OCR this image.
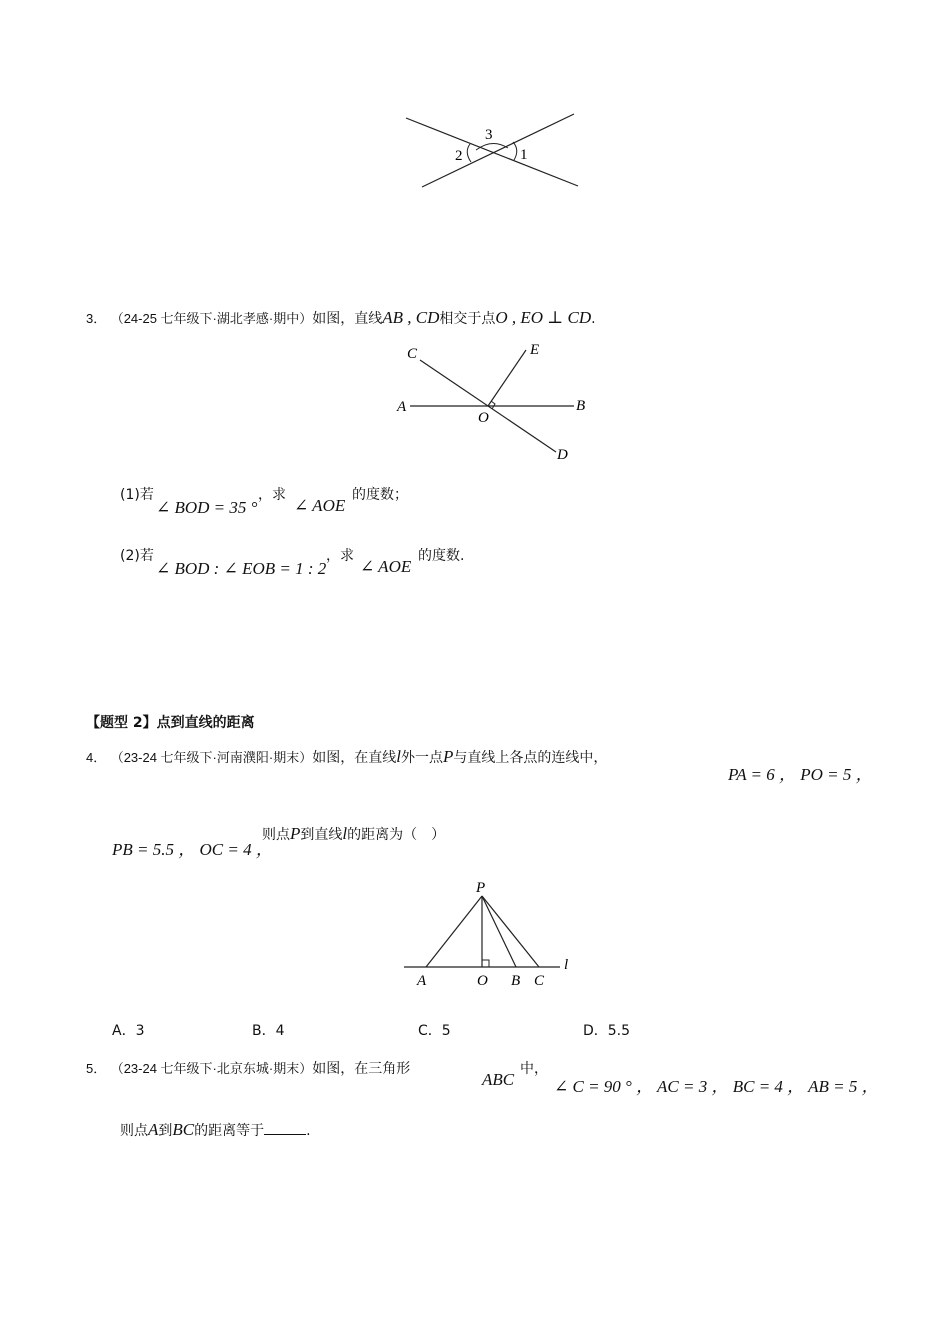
1
2
3
3． （24-25 七年级下·湖北孝感·期中）如图，直线AB , CD相交于点O , EO ⊥ CD.
C	E
A
O
B
D
(1)若
∠ BOD = 35 °
，求
∠ AOE
的度数；
(2)若
∠ BOD : ∠ EOB = 1 : 2
，求
∠ AOE
的度数.
【题型 2】点到直线的距离
4． （23-24 七年级下·河南濮阳·期末）如图，在直线l外一点P与直线上各点的连线中，
PA = 6 ， PO = 5 ，
PB = 5.5 ， OC = 4 ，
则点P到直线l的距离为（　）
P
A	O B C
l
A．3	B．4	C．5	D．5.5
5． （23-24 七年级下·北京东城·期末）如图，在三角形
ABC
中，
∠ C = 90 ° ， AC = 3 ， BC = 4 ， AB = 5 ，
则点A到BC的距离等于	.
